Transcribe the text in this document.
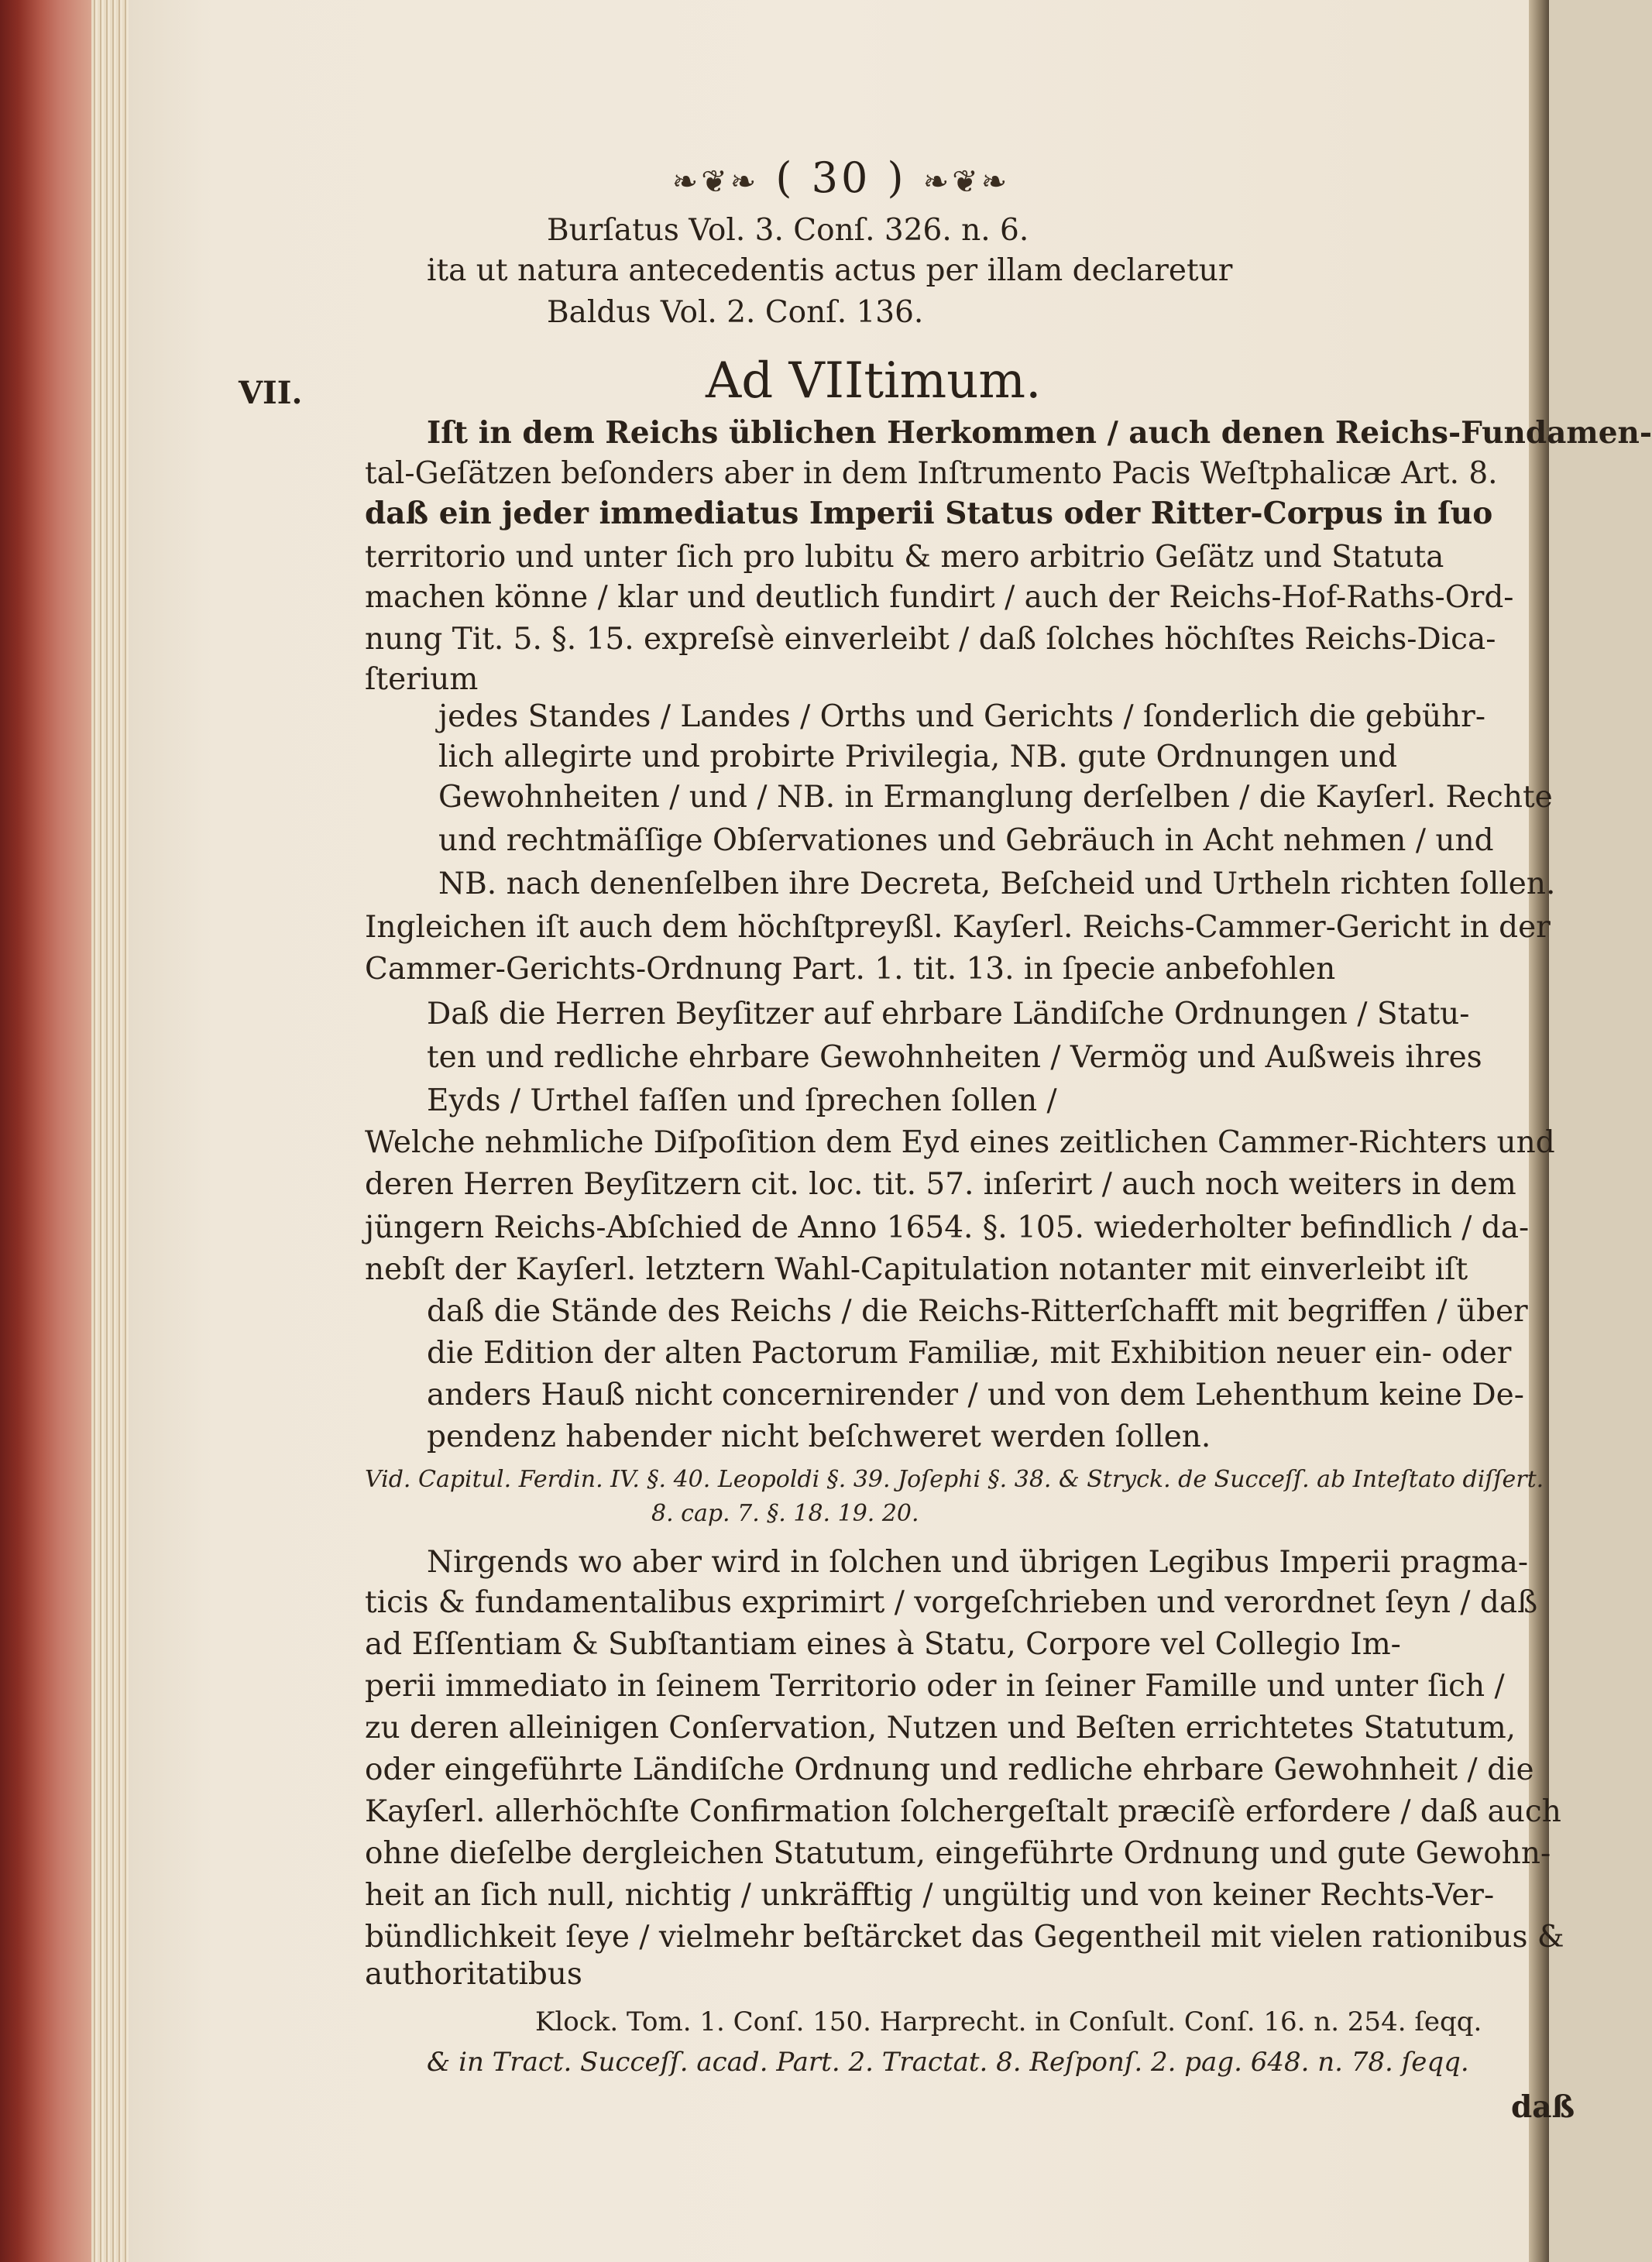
❧❦❧ ( 30 ) ❧❦❧
VII.
Burſatus Vol. 3. Conſ. 326. n. 6.
ita ut natura antecedentis actus per illam declaretur
Baldus Vol. 2. Conſ. 136.
Ad VIItimum.
Iſt in dem Reichs üblichen Herkommen / auch denen Reichs-Fundamen-
tal-Geſätzen beſonders aber in dem Inſtrumento Pacis Weſtphalicæ Art. 8.
daß ein jeder immediatus Imperii Status oder Ritter-Corpus in ſuo
territorio und unter ſich pro lubitu & mero arbitrio Geſätz und Statuta
machen könne / klar und deutlich fundirt / auch der Reichs-Hof-Raths-Ord-
nung Tit. 5. §. 15. expreſsè einverleibt / daß ſolches höchſtes Reichs-Dica-
ſterium
jedes Standes / Landes / Orths und Gerichts / ſonderlich die gebühr-
lich allegirte und probirte Privilegia, NB. gute Ordnungen und
Gewohnheiten / und / NB. in Ermanglung derſelben / die Kayſerl. Rechte
und rechtmäſſige Obſervationes und Gebräuch in Acht nehmen / und
NB. nach denenſelben ihre Decreta, Beſcheid und Urtheln richten ſollen.
Ingleichen iſt auch dem höchſtpreyßl. Kayſerl. Reichs-Cammer-Gericht in der
Cammer-Gerichts-Ordnung Part. 1. tit. 13. in ſpecie anbefohlen
Daß die Herren Beyſitzer auf ehrbare Ländiſche Ordnungen / Statu-
ten und redliche ehrbare Gewohnheiten / Vermög und Außweis ihres
Eyds / Urthel faſſen und ſprechen ſollen /
Welche nehmliche Diſpoſition dem Eyd eines zeitlichen Cammer-Richters und
deren Herren Beyſitzern cit. loc. tit. 57. inſerirt / auch noch weiters in dem
jüngern Reichs-Abſchied de Anno 1654. §. 105. wiederholter befindlich / da-
nebſt der Kayſerl. letztern Wahl-Capitulation notanter mit einverleibt iſt
daß die Stände des Reichs / die Reichs-Ritterſchafft mit begriffen / über
die Edition der alten Pactorum Familiæ, mit Exhibition neuer ein- oder
anders Hauß nicht concernirender / und von dem Lehenthum keine De-
pendenz habender nicht beſchweret werden ſollen.
Vid. Capitul. Ferdin. IV. §. 40. Leopoldi §. 39. Joſephi §. 38. & Stryck. de Succeſſ. ab Inteſtato diſſert.
8. cap. 7. §. 18. 19. 20.
Nirgends wo aber wird in ſolchen und übrigen Legibus Imperii pragma-
ticis & fundamentalibus exprimirt / vorgeſchrieben und verordnet ſeyn / daß
ad Eſſentiam & Subſtantiam eines à Statu, Corpore vel Collegio Im-
perii immediato in ſeinem Territorio oder in ſeiner Famille und unter ſich /
zu deren alleinigen Conſervation, Nutzen und Beſten errichtetes Statutum,
oder eingeführte Ländiſche Ordnung und redliche ehrbare Gewohnheit / die
Kayſerl. allerhöchſte Confirmation ſolchergeſtalt præciſè erfordere / daß auch
ohne dieſelbe dergleichen Statutum, eingeführte Ordnung und gute Gewohn-
heit an ſich null, nichtig / unkräfftig / ungültig und von keiner Rechts-Ver-
bündlichkeit ſeye / vielmehr beſtärcket das Gegentheil mit vielen rationibus &
authoritatibus
Klock. Tom. 1. Conſ. 150. Harprecht. in Conſult. Conſ. 16. n. 254. ſeqq.
& in Tract. Succeſſ. acad. Part. 2. Tractat. 8. Reſponſ. 2. pag. 648. n. 78. ſeqq.
daß
